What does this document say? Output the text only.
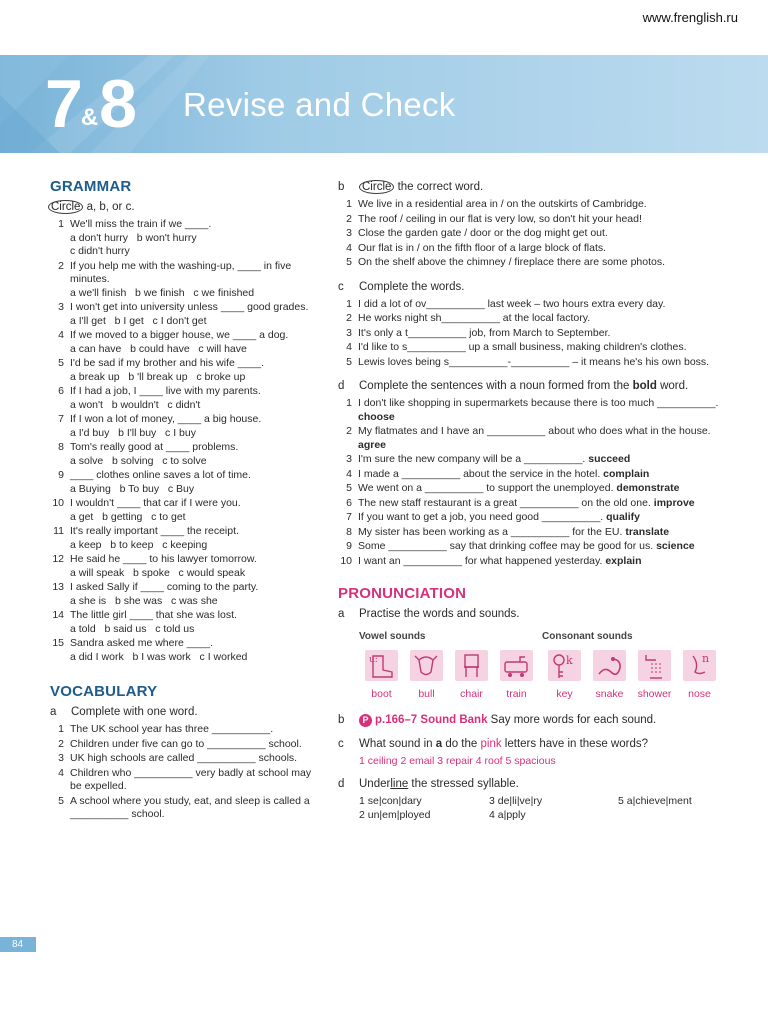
www.frenglish.ru
7&8 Revise and Check
GRAMMAR
Circle a, b, or c.
1 We'll miss the train if we ____.
a don't hurry   b won't hurry
c didn't hurry
2 If you help me with the washing-up, ____ in five minutes.
a we'll finish   b we finish   c we finished
3 I won't get into university unless ____ good grades.
a I'll get   b I get   c I don't get
4 If we moved to a bigger house, we ____ a dog.
a can have   b could have   c will have
5 I'd be sad if my brother and his wife ____.
a break up   b 'll break up   c broke up
6 If I had a job, I ____ live with my parents.
a won't   b wouldn't   c didn't
7 If I won a lot of money, ____ a big house.
a I'd buy   b I'll buy   c I buy
8 Tom's really good at ____ problems.
a solve   b solving   c to solve
9 ____ clothes online saves a lot of time.
a Buying   b To buy   c Buy
10 I wouldn't ____ that car if I were you.
a get   b getting   c to get
11 It's really important ____ the receipt.
a keep   b to keep   c keeping
12 He said he ____ to his lawyer tomorrow.
a will speak   b spoke   c would speak
13 I asked Sally if ____ coming to the party.
a she is   b she was   c was she
14 The little girl ____ that she was lost.
a told   b said us   c told us
15 Sandra asked me where ____.
a did I work   b I was work   c I worked
VOCABULARY
a Complete with one word.
1 The UK school year has three __________.
2 Children under five can go to __________ school.
3 UK high schools are called __________ schools.
4 Children who __________ very badly at school may be expelled.
5 A school where you study, eat, and sleep is called a __________ school.
b Circle the correct word.
1 We live in a residential area in / on the outskirts of Cambridge.
2 The roof / ceiling in our flat is very low, so don't hit your head!
3 Close the garden gate / door or the dog might get out.
4 Our flat is in / on the fifth floor of a large block of flats.
5 On the shelf above the chimney / fireplace there are some photos.
c Complete the words.
1 I did a lot of ov__________ last week – two hours extra every day.
2 He works night sh__________ at the local factory.
3 It's only a t__________ job, from March to September.
4 I'd like to s__________ up a small business, making children's clothes.
5 Lewis loves being s__________-__________ – it means he's his own boss.
d	Complete the sentences with a noun formed from the bold word.
1 I don't like shopping in supermarkets because there is too much __________. choose
2 My flatmates and I have an __________ about who does what in the house. agree
3 I'm sure the new company will be a __________. succeed
4 I made a __________ about the service in the hotel. complain
5 We went on a __________ to support the unemployed. demonstrate
6 The new staff restaurant is a great __________ on the old one. improve
7 If you want to get a job, you need good __________. qualify
8 My sister has been working as a __________ for the EU. translate
9 Some __________ say that drinking coffee may be good for us. science
10 I want an __________ for what happened yesterday. explain
PRONUNCIATION
a Practise the words and sounds.
Vowel sounds	Consonant sounds
u:
boot	bull	chair	train
k
key	snake	shower
n
nose
b P p.166–7 Sound Bank Say more words for each sound.
c What sound in a do the pink letters have in these words?
1 ceiling 2 email 3 repair 4 roof 5 spacious
d Underline the stressed syllable.
1 se|con|dary	3 de|li|ve|ry	5 a|chieve|ment
2 un|em|ployed	4 a|pply
84
